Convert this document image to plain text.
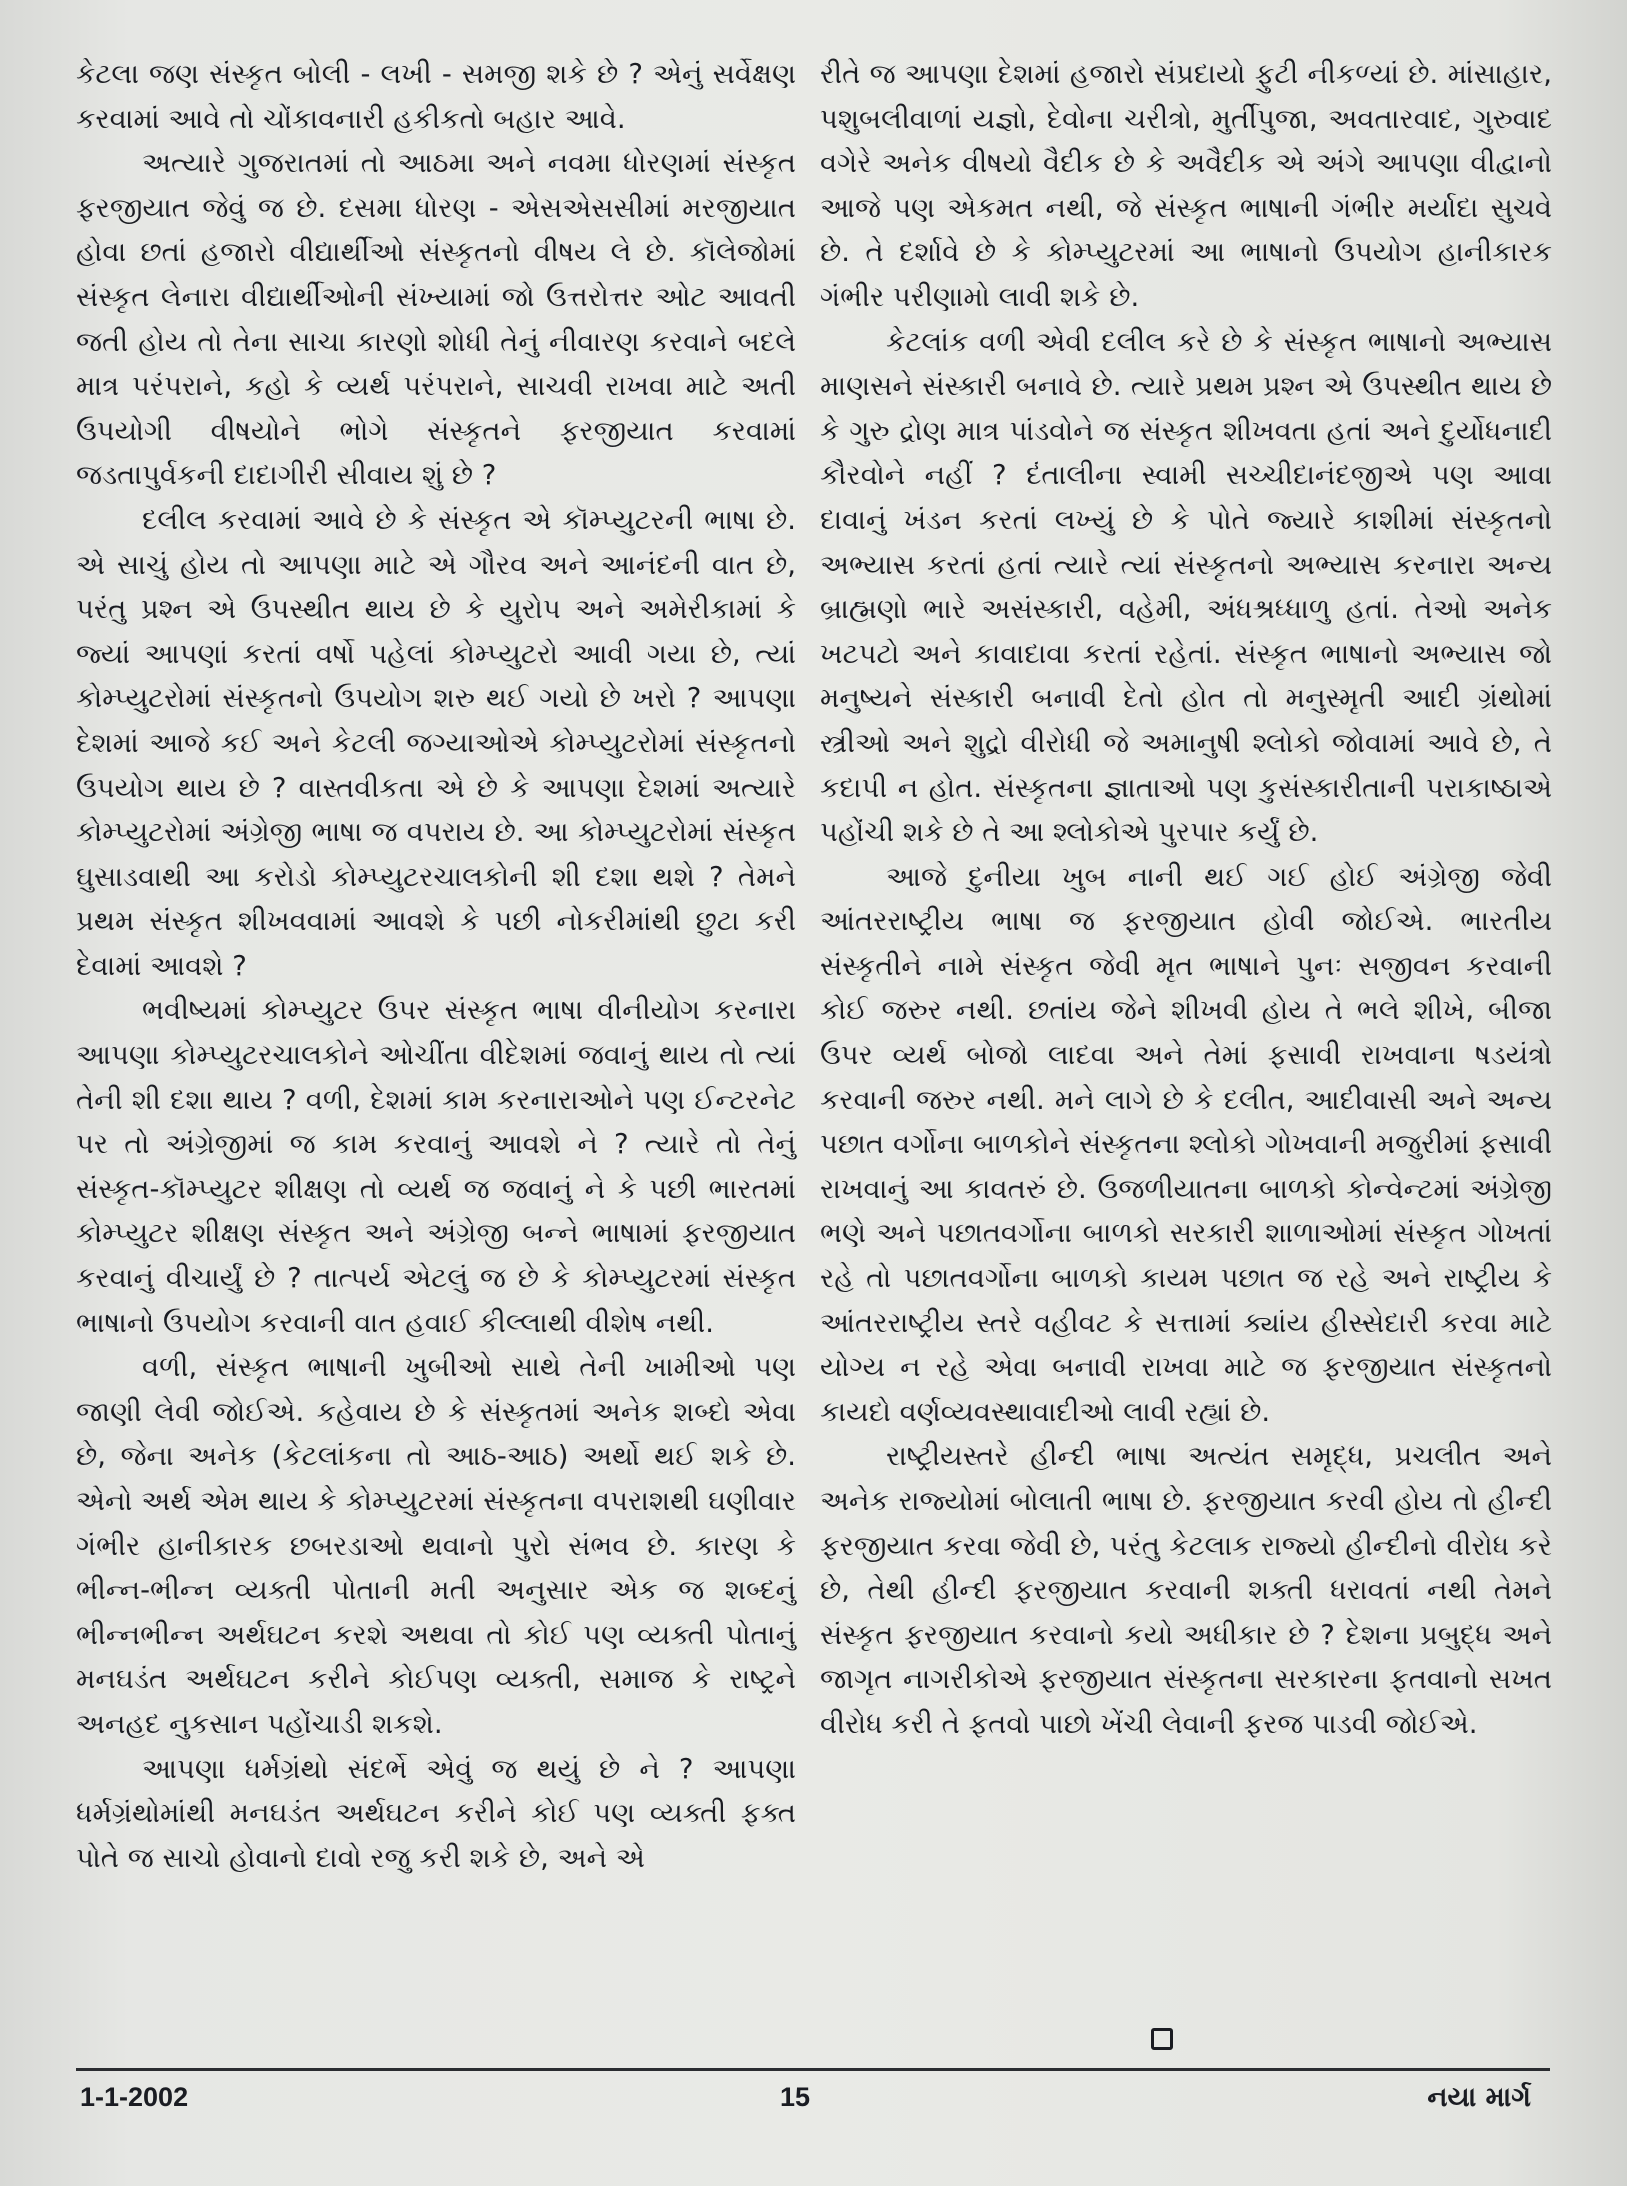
કેટલા જણ સંસ્કૃત બોલી - લખી - સમજી શકે છે ? એનું સર્વેક્ષણ કરવામાં આવે તો ચોંકાવનારી હકીકતો બહાર આવે.

અત્યારે ગુજરાતમાં તો આઠમા અને નવમા ધોરણમાં સંસ્કૃત ફરજીયાત જેવું જ છે. દસમા ધોરણ - એસએસસીમાં મરજીયાત હોવા છતાં હજારો વીદ્યાર્થીઓ સંસ્કૃતનો વીષય લે છે. કૉલેજોમાં સંસ્કૃત લેનારા વીદ્યાર્થીઓની સંખ્યામાં જો ઉત્તરોત્તર ઓટ આવતી જતી હોય તો તેના સાચા કારણો શોધી તેનું નીવારણ કરવાને બદલે માત્ર પરંપરાને, કહો કે વ્યર્થ પરંપરાને, સાચવી રાખવા માટે અતી ઉપયોગી વીષયોને ભોગે સંસ્કૃતને ફરજીયાત કરવામાં જડતાપુર્વકની દાદાગીરી સીવાય શું છે ?

દલીલ કરવામાં આવે છે કે સંસ્કૃત એ કૉમ્પ્યુટરની ભાષા છે. એ સાચું હોય તો આપણા માટે એ ગૌરવ અને આનંદની વાત છે, પરંતુ પ્રશ્ન એ ઉપસ્થીત થાય છે કે યુરોપ અને અમેરીકામાં કે જ્યાં આપણાં કરતાં વર્ષો પહેલાં કોમ્પ્યુટરો આવી ગયા છે, ત્યાં કોમ્પ્યુટરોમાં સંસ્કૃતનો ઉપયોગ શરુ થઈ ગયો છે ખરો ? આપણા દેશમાં આજે કઈ અને કેટલી જગ્યાઓએ કોમ્પ્યુટરોમાં સંસ્કૃતનો ઉપયોગ થાય છે ? વાસ્તવીકતા એ છે કે આપણા દેશમાં અત્યારે કોમ્પ્યુટરોમાં અંગ્રેજી ભાષા જ વપરાય છે. આ કોમ્પ્યુટરોમાં સંસ્કૃત ઘુસાડવાથી આ કરોડો કોમ્પ્યુટરચાલકોની શી દશા થશે ? તેમને પ્રથમ સંસ્કૃત શીખવવામાં આવશે કે પછી નોકરીમાંથી છુટા કરી દેવામાં આવશે ?

ભવીષ્યમાં કોમ્પ્યુટર ઉપર સંસ્કૃત ભાષા વીનીયોગ કરનારા આપણા કોમ્પ્યુટરચાલકોને ઓચીંતા વીદેશમાં જવાનું થાય તો ત્યાં તેની શી દશા થાય ? વળી, દેશમાં કામ કરનારાઓને પણ ઈન્ટરનેટ પર તો અંગ્રેજીમાં જ કામ કરવાનું આવશે ને ? ત્યારે તો તેનું સંસ્કૃત-કૉમ્પ્યુટર શીક્ષણ તો વ્યર્થ જ જવાનું ને કે પછી ભારતમાં કોમ્પ્યુટર શીક્ષણ સંસ્કૃત અને અંગ્રેજી બન્ને ભાષામાં ફરજીયાત કરવાનું વીચાર્યું છે ? તાત્પર્ય એટલું જ છે કે કોમ્પ્યુટરમાં સંસ્કૃત ભાષાનો ઉપયોગ કરવાની વાત હવાઈ કીલ્લાથી વીશેષ નથી.

વળી, સંસ્કૃત ભાષાની ખુબીઓ સાથે તેની ખામીઓ પણ જાણી લેવી જોઈએ. કહેવાય છે કે સંસ્કૃતમાં અનેક શબ્દો એવા છે, જેના અનેક (કેટલાંકના તો આઠ-આઠ) અર્થો થઈ શકે છે. એનો અર્થ એમ થાય કે કોમ્પ્યુટરમાં સંસ્કૃતના વપરાશથી ઘણીવાર ગંભીર હાનીકારક છબરડાઓ થવાનો પુરો સંભવ છે. કારણ કે ભીન્ન-ભીન્ન વ્યક્તી પોતાની મતી અનુસાર એક જ શબ્દનું ભીન્નભીન્ન અર્થઘટન કરશે અથવા તો કોઈ પણ વ્યક્તી પોતાનું મનઘડંત અર્થઘટન કરીને કોઈપણ વ્યક્તી, સમાજ કે રાષ્ટ્રને અનહદ નુકસાન પહોંચાડી શકશે.

આપણા ધર્મગ્રંથો સંદર્ભે એવું જ થયું છે ને ? આપણા ધર્મગ્રંથોમાંથી મનઘડંત અર્થઘટન કરીને કોઈ પણ વ્યક્તી ફક્ત પોતે જ સાચો હોવાનો દાવો રજુ કરી શકે છે, અને એ

રીતે જ આપણા દેશમાં હજારો સંપ્રદાયો ફુટી નીકળ્યાં છે. માંસાહાર, પશુબલીવાળાં યજ્ઞો, દેવોના ચરીત્રો, મુર્તીપુજા, અવતારવાદ, ગુરુવાદ વગેરે અનેક વીષયો વૈદીક છે કે અવૈદીક એ અંગે આપણા વીદ્વાનો આજે પણ એકમત નથી, જે સંસ્કૃત ભાષાની ગંભીર મર્યાદા સુચવે છે. તે દર્શાવે છે કે કોમ્પ્યુટરમાં આ ભાષાનો ઉપયોગ હાનીકારક ગંભીર પરીણામો લાવી શકે છે.

કેટલાંક વળી એવી દલીલ કરે છે કે સંસ્કૃત ભાષાનો અભ્યાસ માણસને સંસ્કારી બનાવે છે. ત્યારે પ્રથમ પ્રશ્ન એ ઉપસ્થીત થાય છે કે ગુરુ દ્રોણ માત્ર પાંડવોને જ સંસ્કૃત શીખવતા હતાં અને દુર્યોધનાદી કૌરવોને નહીં ? દંતાલીના સ્વામી સચ્ચીદાનંદજીએ પણ આવા દાવાનું ખંડન કરતાં લખ્યું છે કે પોતે જ્યારે કાશીમાં સંસ્કૃતનો અભ્યાસ કરતાં હતાં ત્યારે ત્યાં સંસ્કૃતનો અભ્યાસ કરનારા અન્ય બ્રાહ્મણો ભારે અસંસ્કારી, વહેમી, અંધશ્રધ્ધાળુ હતાં. તેઓ અનેક ખટપટો અને કાવાદાવા કરતાં રહેતાં. સંસ્કૃત ભાષાનો અભ્યાસ જો મનુષ્યને સંસ્કારી બનાવી દેતો હોત તો મનુસ્મૃતી આદી ગ્રંથોમાં સ્ત્રીઓ અને શુદ્રો વીરોધી જે અમાનુષી શ્લોકો જોવામાં આવે છે, તે કદાપી ન હોત. સંસ્કૃતના જ્ઞાતાઓ પણ કુસંસ્કારીતાની પરાકાષ્ઠાએ પહોંચી શકે છે તે આ શ્લોકોએ પુરપાર કર્યું છે.

આજે દુનીયા ખુબ નાની થઈ ગઈ હોઈ અંગ્રેજી જેવી આંતરરાષ્ટ્રીય ભાષા જ ફરજીયાત હોવી જોઈએ. ભારતીય સંસ્કૃતીને નામે સંસ્કૃત જેવી મૃત ભાષાને પુનઃ સજીવન કરવાની કોઈ જરુર નથી. છતાંય જેને શીખવી હોય તે ભલે શીખે, બીજા ઉપર વ્યર્થ બોજો લાદવા અને તેમાં ફસાવી રાખવાના ષડયંત્રો કરવાની જરુર નથી. મને લાગે છે કે દલીત, આદીવાસી અને અન્ય પછાત વર્ગોના બાળકોને સંસ્કૃતના શ્લોકો ગોખવાની મજુરીમાં ફસાવી રાખવાનું આ કાવતરું છે. ઉજળીયાતના બાળકો કોન્વેન્ટમાં અંગ્રેજી ભણે અને પછાતવર્ગોના બાળકો સરકારી શાળાઓમાં સંસ્કૃત ગોખતાં રહે તો પછાતવર્ગોના બાળકો કાયમ પછાત જ રહે અને રાષ્ટ્રીય કે આંતરરાષ્ટ્રીય સ્તરે વહીવટ કે સત્તામાં ક્યાંય હીસ્સેદારી કરવા માટે યોગ્ય ન રહે એવા બનાવી રાખવા માટે જ ફરજીયાત સંસ્કૃતનો કાયદો વર્ણવ્યવસ્થાવાદીઓ લાવી રહ્યાં છે.

રાષ્ટ્રીયસ્તરે હીન્દી ભાષા અત્યંત સમૃદ્ધ, પ્રચલીત અને અનેક રાજ્યોમાં બોલાતી ભાષા છે. ફરજીયાત કરવી હોય તો હીન્દી ફરજીયાત કરવા જેવી છે, પરંતુ કેટલાક રાજ્યો હીન્દીનો વીરોધ કરે છે, તેથી હીન્દી ફરજીયાત કરવાની શક્તી ધરાવતાં નથી તેમને સંસ્કૃત ફરજીયાત કરવાનો કયો અધીકાર છે ? દેશના પ્રબુદ્ધ અને જાગૃત નાગરીકોએ ફરજીયાત સંસ્કૃતના સરકારના ફતવાનો સખત વીરોધ કરી તે ફતવો પાછો ખેંચી લેવાની ફરજ પાડવી જોઈએ.

1-1-2002	15	નયા માર્ગ
